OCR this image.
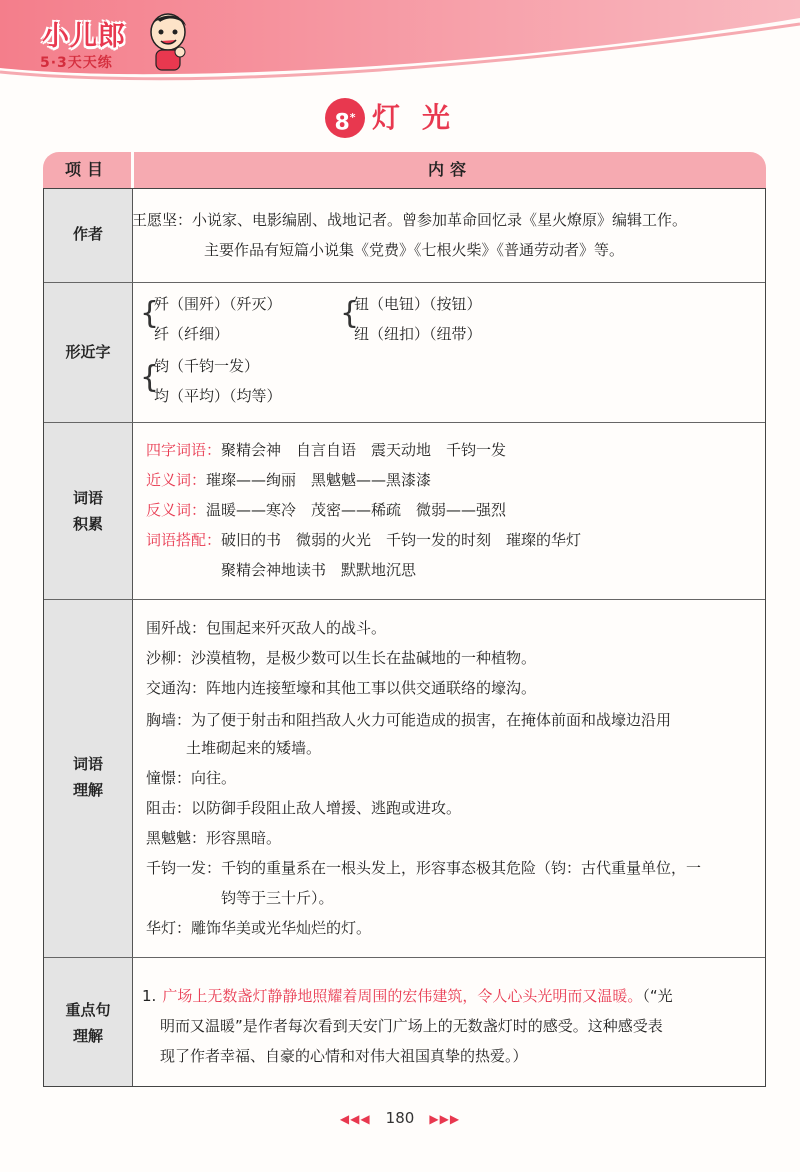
小儿郎
5·3天天练
8* 灯光
项目	内容
作者
王愿坚：小说家、电影编剧、战地记者。曾参加革命回忆录《星火燎原》编辑工作。
主要作品有短篇小说集《党费》《七根火柴》《普通劳动者》等。
形近字
{
歼（围歼）（歼灭）
纤（纤细）
{
钮（电钮）（按钮）
纽（纽扣）（纽带）
{
钧（千钧一发）
均（平均）（均等）
词语
积累
四字词语：聚精会神　自言自语　震天动地　千钧一发
近义词：璀璨——绚丽　黑魆魆——黑漆漆
反义词：温暖——寒冷　茂密——稀疏　微弱——强烈
词语搭配：破旧的书　微弱的火光　千钧一发的时刻　璀璨的华灯
聚精会神地读书　默默地沉思
词语
理解
围歼战：包围起来歼灭敌人的战斗。
沙柳：沙漠植物，是极少数可以生长在盐碱地的一种植物。
交通沟：阵地内连接堑壕和其他工事以供交通联络的壕沟。
胸墙：为了便于射击和阻挡敌人火力可能造成的损害，在掩体前面和战壕边沿用
土堆砌起来的矮墙。
憧憬：向往。
阻击：以防御手段阻止敌人增援、逃跑或进攻。
黑魆魆：形容黑暗。
千钧一发：千钧的重量系在一根头发上，形容事态极其危险（钧：古代重量单位，一
钧等于三十斤）。
华灯：雕饰华美或光华灿烂的灯。
重点句
理解
1. 广场上无数盏灯静静地照耀着周围的宏伟建筑，令人心头光明而又温暖。（“光
明而又温暖”是作者每次看到天安门广场上的无数盏灯时的感受。这种感受表
现了作者幸福、自豪的心情和对伟大祖国真挚的热爱。）
◀◀◀ 180 ▶▶▶
